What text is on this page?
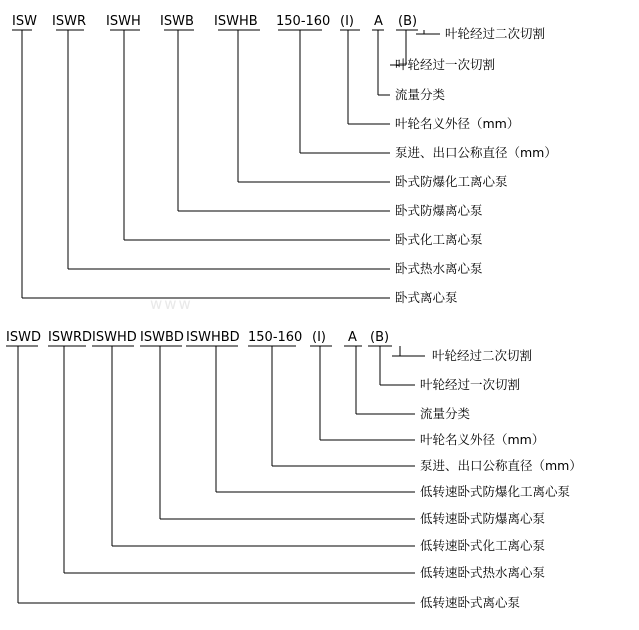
www
ISW ISWR ISWH ISWB ISWHB 150-160 (I) A (B)
叶轮经过二次切割
叶轮经过一次切割
流量分类
叶轮名义外径（mm）
泵进、出口公称直径（mm）
卧式防爆化工离心泵
卧式防爆离心泵
卧式化工离心泵
卧式热水离心泵
卧式离心泵
ISWD ISWRD ISWHD ISWBD ISWHBD 150-160 (I) A (B)
叶轮经过二次切割
叶轮经过一次切割
流量分类
叶轮名义外径（mm）
泵进、出口公称直径（mm）
低转速卧式防爆化工离心泵
低转速卧式防爆离心泵
低转速卧式化工离心泵
低转速卧式热水离心泵
低转速卧式离心泵
